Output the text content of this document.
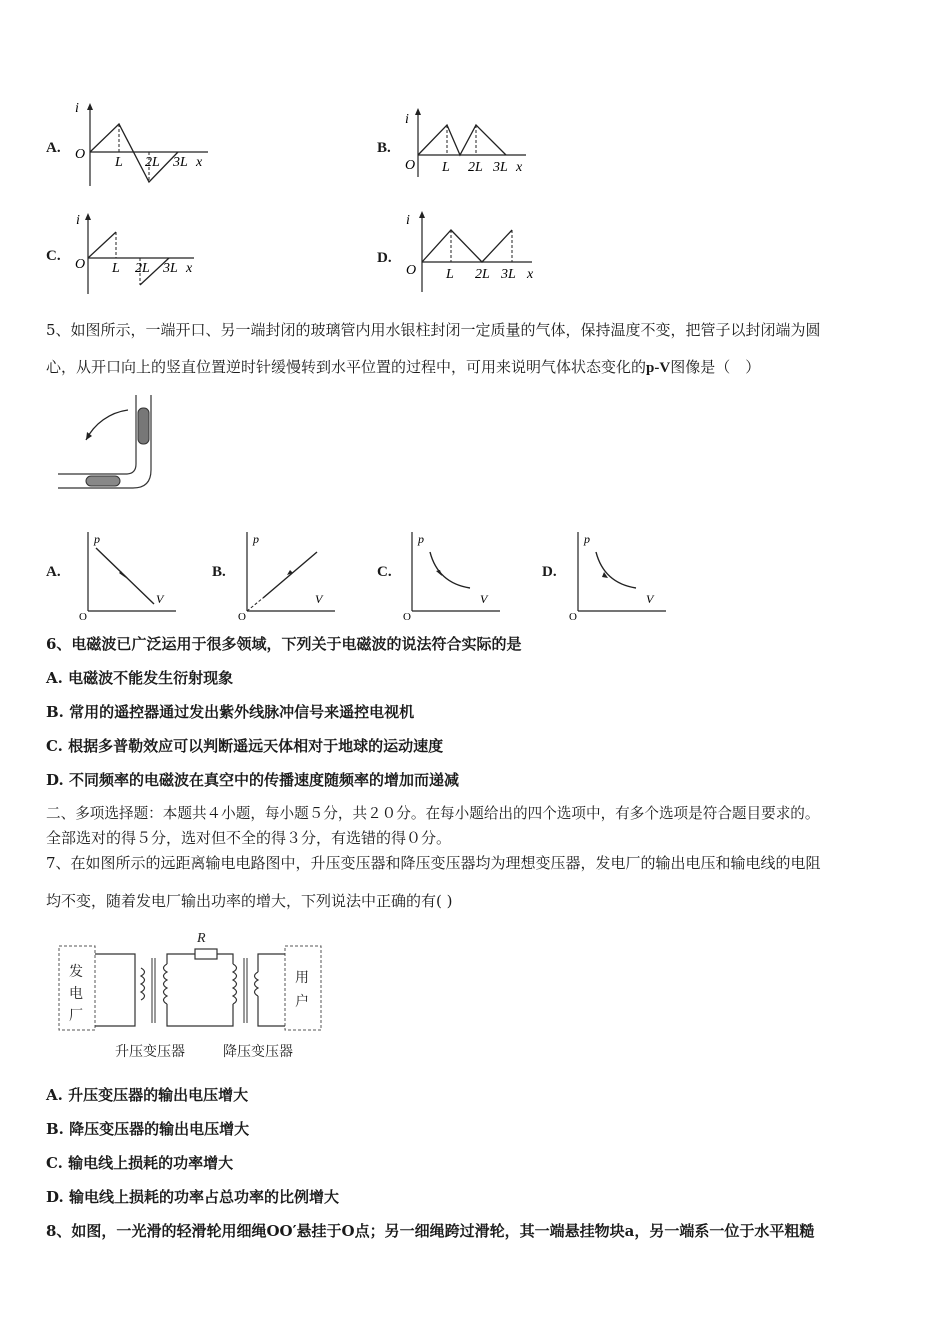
A.
i
O
L 2L 3L x
B.
i
O L 2L 3L x
C.
i
O L 2L 3L x
D.
i
O L 2L 3L x
5、如图所示，一端开口、另一端封闭的玻璃管内用水银柱封闭一定质量的气体，保持温度不变，把管子以封闭端为圆
心，从开口向上的竖直位置逆时针缓慢转到水平位置的过程中，可用来说明气体状态变化的p-V图像是（　）
A.
p
V
O
B.
p
V
O
C.
p
V
O
D.
p
V
O
6、电磁波已广泛运用于很多领域，下列关于电磁波的说法符合实际的是
A. 电磁波不能发生衍射现象
B. 常用的遥控器通过发出紫外线脉冲信号来遥控电视机
C. 根据多普勒效应可以判断遥远天体相对于地球的运动速度
D. 不同频率的电磁波在真空中的传播速度随频率的增加而递减
二、多项选择题：本题共４小题，每小题５分，共２０分。在每小题给出的四个选项中，有多个选项是符合题目要求的。
全部选对的得５分，选对但不全的得３分，有选错的得０分。
7、在如图所示的远距离输电电路图中，升压变压器和降压变压器均为理想变压器，发电厂的输出电压和输电线的电阻
均不变，随着发电厂输出功率的增大，下列说法中正确的有( )
发
电
厂
用
户
R
升压变压器	降压变压器
A. 升压变压器的输出电压增大
B. 降压变压器的输出电压增大
C. 输电线上损耗的功率增大
D. 输电线上损耗的功率占总功率的比例增大
8、如图，一光滑的轻滑轮用细绳OO′悬挂于O点；另一细绳跨过滑轮，其一端悬挂物块a，另一端系一位于水平粗糙
